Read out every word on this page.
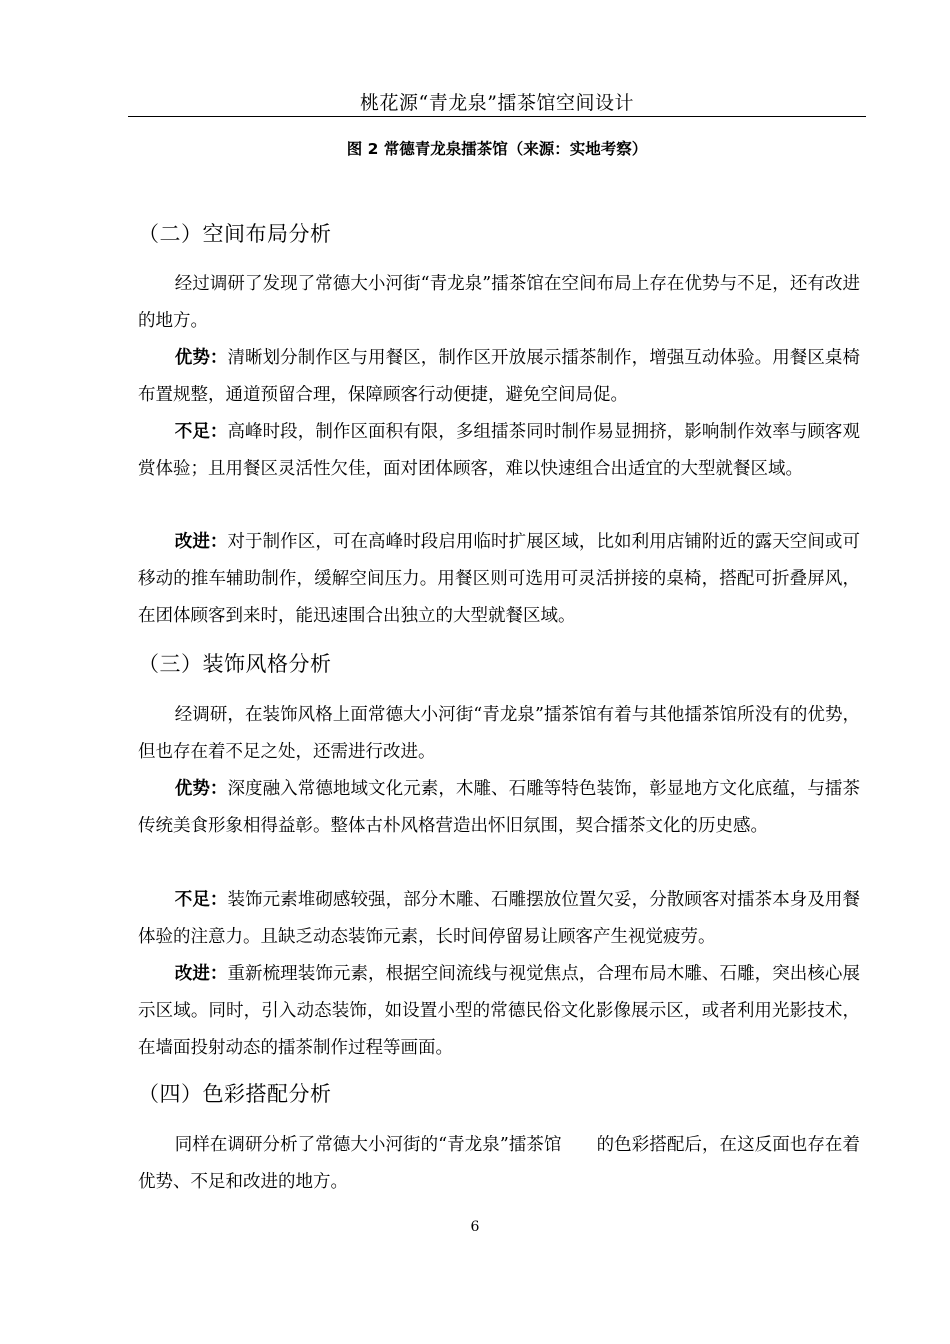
桃花源“青龙泉”擂茶馆空间设计
图 2 常德青龙泉擂茶馆（来源：实地考察）
（二）空间布局分析

经过调研了发现了常德大小河街“青龙泉”擂茶馆在空间布局上存在优势与不足，还有改进的地方。

优势：清晰划分制作区与用餐区，制作区开放展示擂茶制作，增强互动体验。用餐区桌椅布置规整，通道预留合理，保障顾客行动便捷，避免空间局促。

不足：高峰时段，制作区面积有限，多组擂茶同时制作易显拥挤，影响制作效率与顾客观赏体验；且用餐区灵活性欠佳，面对团体顾客，难以快速组合出适宜的大型就餐区域。

改进：对于制作区，可在高峰时段启用临时扩展区域，比如利用店铺附近的露天空间或可移动的推车辅助制作，缓解空间压力。用餐区则可选用可灵活拼接的桌椅，搭配可折叠屏风，在团体顾客到来时，能迅速围合出独立的大型就餐区域。

（三）装饰风格分析

经调研，在装饰风格上面常德大小河街“青龙泉”擂茶馆有着与其他擂茶馆所没有的优势，但也存在着不足之处，还需进行改进。

优势：深度融入常德地域文化元素，木雕、石雕等特色装饰，彰显地方文化底蕴，与擂茶传统美食形象相得益彰。整体古朴风格营造出怀旧氛围，契合擂茶文化的历史感。

不足：装饰元素堆砌感较强，部分木雕、石雕摆放位置欠妥，分散顾客对擂茶本身及用餐体验的注意力。且缺乏动态装饰元素，长时间停留易让顾客产生视觉疲劳。

改进：重新梳理装饰元素，根据空间流线与视觉焦点，合理布局木雕、石雕，突出核心展示区域。同时，引入动态装饰，如设置小型的常德民俗文化影像展示区，或者利用光影技术，在墙面投射动态的擂茶制作过程等画面。

（四）色彩搭配分析

同样在调研分析了常德大小河街的“青龙泉”擂茶馆 的色彩搭配后，在这反面也存在着优势、不足和改进的地方。

6
